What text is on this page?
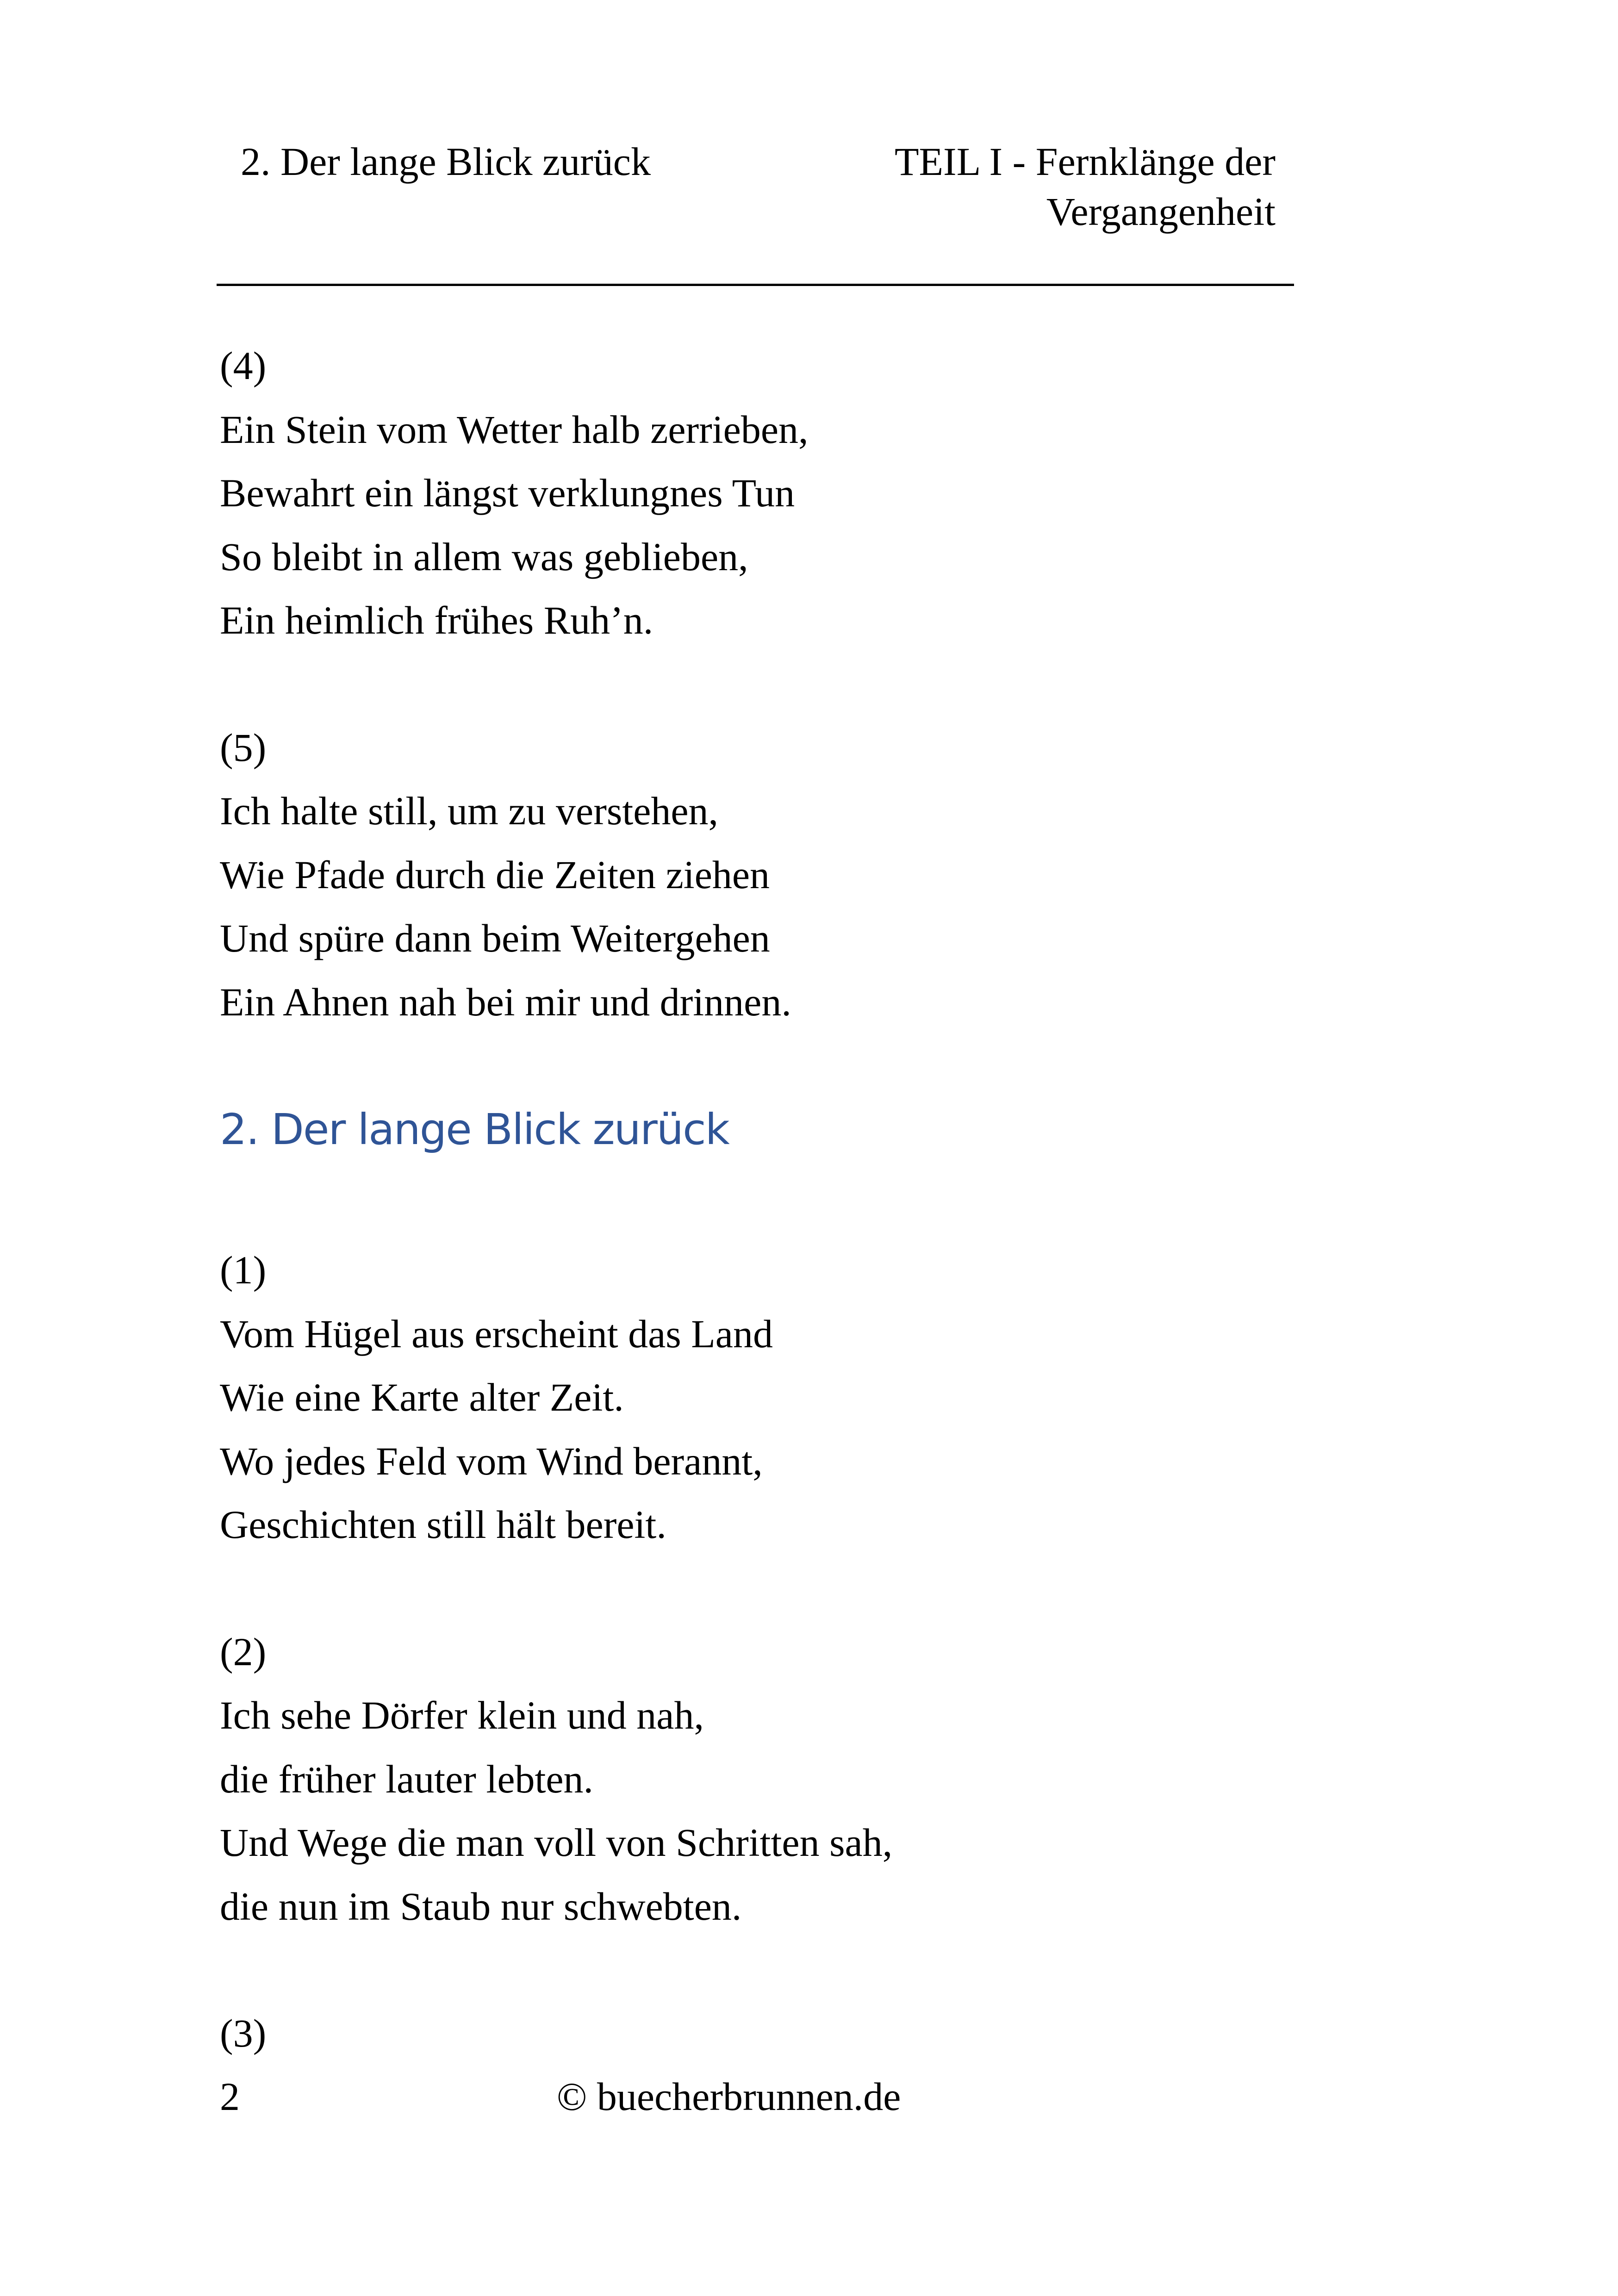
2. Der lange Blick zurück	TEIL I - Fernklänge der
Vergangenheit
(4)
Ein Stein vom Wetter halb zerrieben,
Bewahrt ein längst verklungnes Tun
So bleibt in allem was geblieben,
Ein heimlich frühes Ruh’n.
(5)
Ich halte still, um zu verstehen,
Wie Pfade durch die Zeiten ziehen
Und spüre dann beim Weitergehen
Ein Ahnen nah bei mir und drinnen.
2. Der lange Blick zurück
(1)
Vom Hügel aus erscheint das Land
Wie eine Karte alter Zeit.
Wo jedes Feld vom Wind berannt,
Geschichten still hält bereit.
(2)
Ich sehe Dörfer klein und nah,
die früher lauter lebten.
Und Wege die man voll von Schritten sah,
die nun im Staub nur schwebten.
(3)
2	© buecherbrunnen.de
